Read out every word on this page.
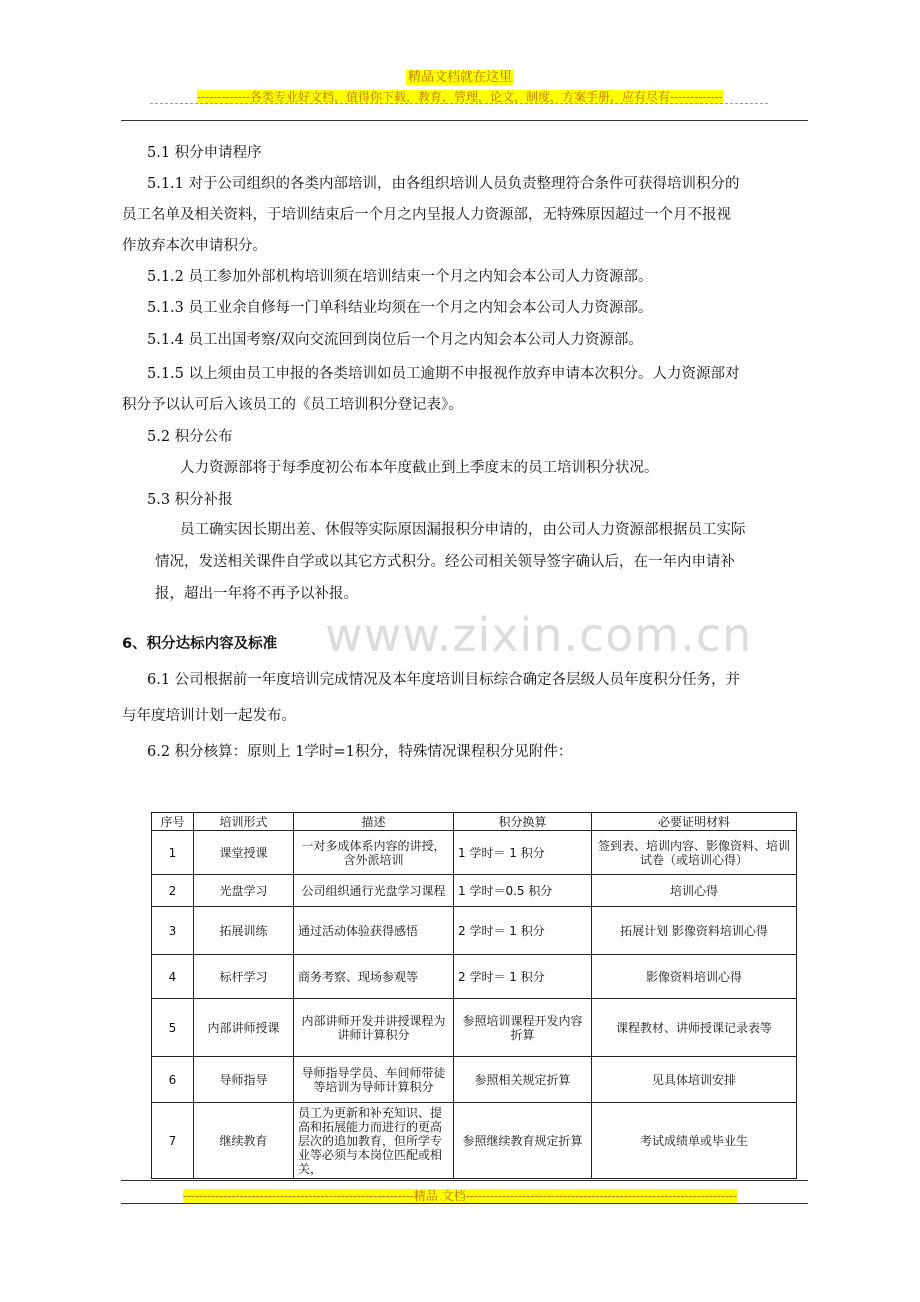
精品文档就在这里
-------------各类专业好文档，值得你下载，教育，管理，论文，制度，方案手册，应有尽有-------------
www.zixin.com.cn
5.1 积分申请程序
5.1.1 对于公司组织的各类内部培训，由各组织培训人员负责整理符合条件可获得培训积分的
员工名单及相关资料，于培训结束后一个月之内呈报人力资源部，无特殊原因超过一个月不报视
作放弃本次申请积分。
5.1.2 员工参加外部机构培训须在培训结束一个月之内知会本公司人力资源部。
5.1.3 员工业余自修每一门单科结业均须在一个月之内知会本公司人力资源部。
5.1.4 员工出国考察/双向交流回到岗位后一个月之内知会本公司人力资源部。
5.1.5 以上须由员工申报的各类培训如员工逾期不申报视作放弃申请本次积分。人力资源部对
积分予以认可后入该员工的《员工培训积分登记表》。
5.2 积分公布
人力资源部将于每季度初公布本年度截止到上季度末的员工培训积分状况。
5.3 积分补报
员工确实因长期出差、休假等实际原因漏报积分申请的，由公司人力资源部根据员工实际
情况，发送相关课件自学或以其它方式积分。经公司相关领导签字确认后，在一年内申请补
报，超出一年将不再予以补报。
6、积分达标内容及标准
6.1 公司根据前一年度培训完成情况及本年度培训目标综合确定各层级人员年度积分任务，并
与年度培训计划一起发布。
6.2 积分核算：原则上 1学时=1积分，特殊情况课程积分见附件：
序号	培训形式	描述	积分换算	必要证明材料
1	课堂授课	一对多成体系内容的讲授，含外派培训	1 学时＝ 1 积分	签到表、培训内容、影像资料、培训试卷（或培训心得）
2	光盘学习	公司组织通行光盘学习课程	1 学时＝0.5 积分	培训心得
3	拓展训练	通过活动体验获得感悟	2 学时＝ 1 积分	拓展计划 影像资料培训心得
4	标杆学习	商务考察、现场参观等	2 学时＝ 1 积分	影像资料培训心得
5	内部讲师授课	内部讲师开发并讲授课程为讲师计算积分	参照培训课程开发内容折算	课程教材、讲师授课记录表等
6	导师指导	导师指导学员、车间师带徒等培训为导师计算积分	参照相关规定折算	见具体培训安排
7	继续教育	员工为更新和补充知识、提高和拓展能力而进行的更高层次的追加教育，但所学专业等必须与本岗位匹配或相关，	参照继续教育规定折算	考试成绩单或毕业生
---------------------------------------------------------精品 文档-------------------------------------------------------------------
